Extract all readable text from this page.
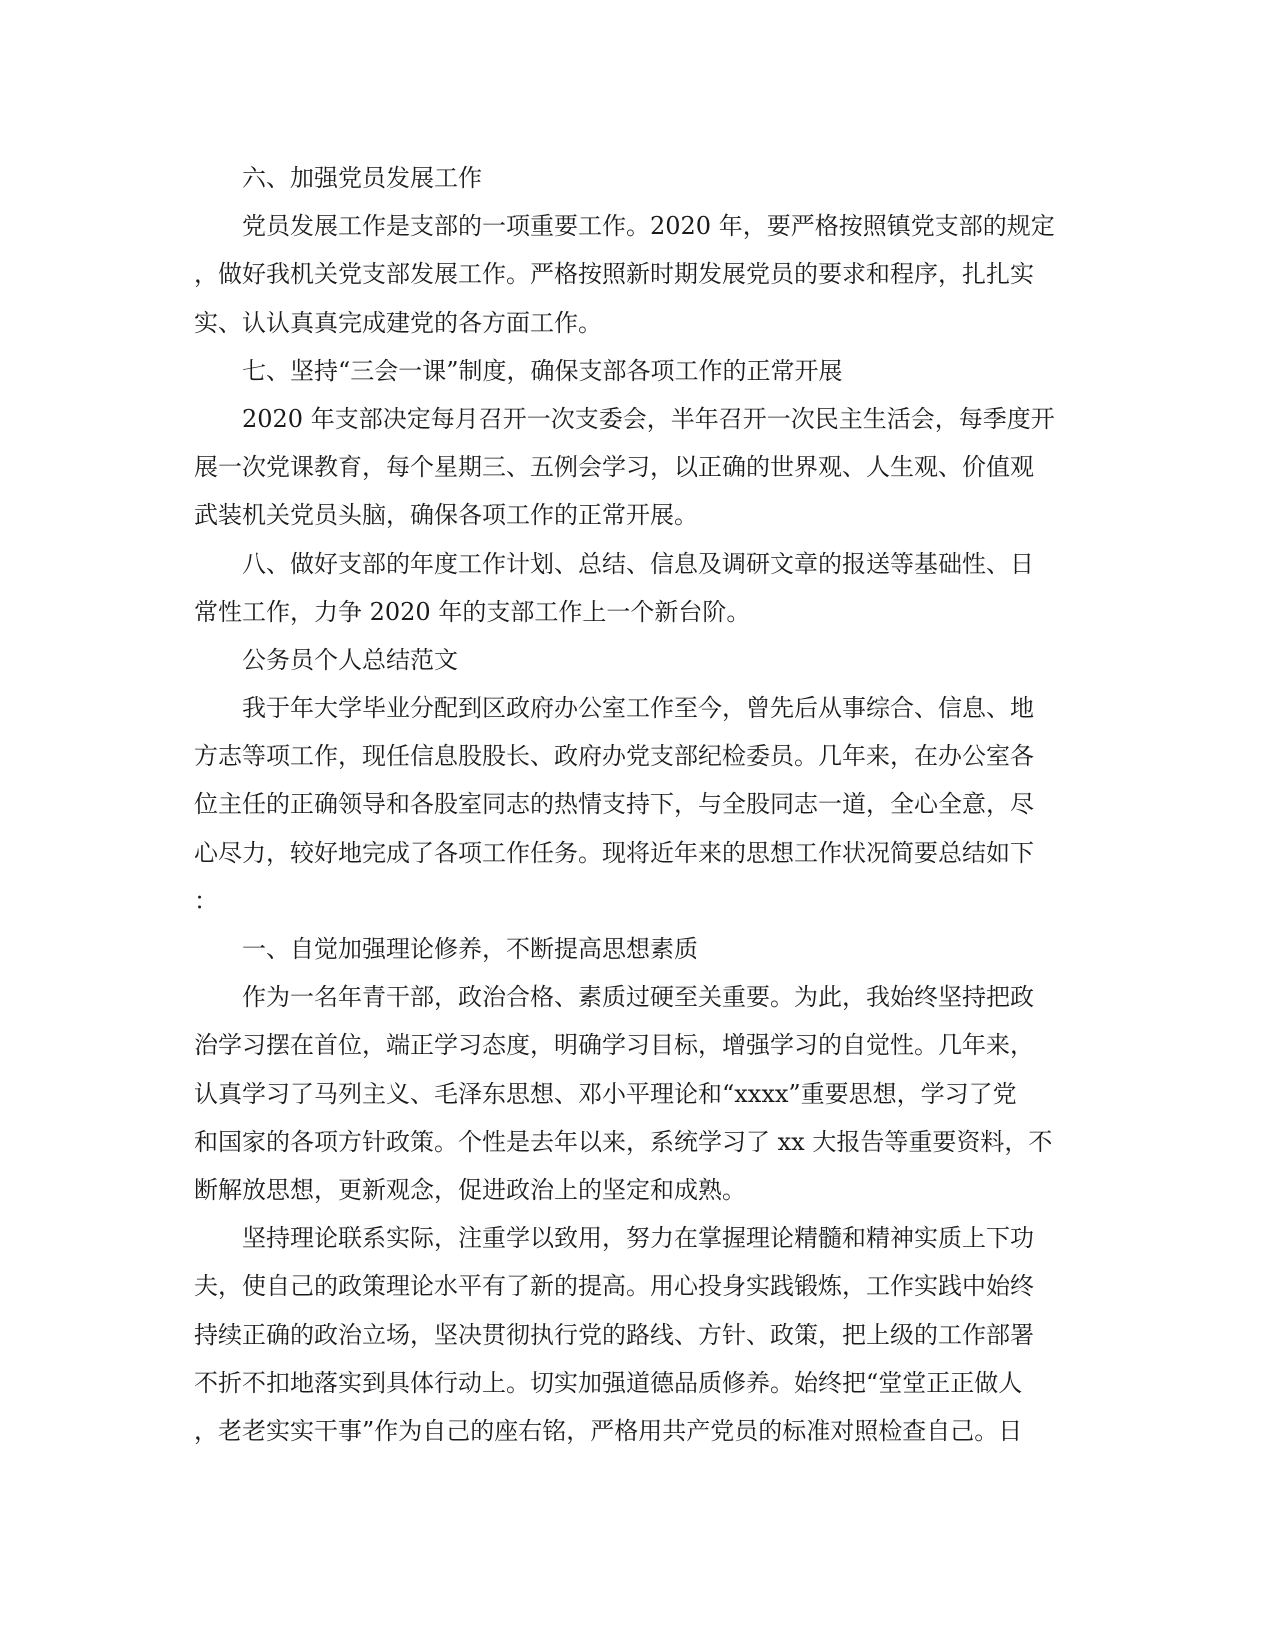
六、加强党员发展工作
党员发展工作是支部的一项重要工作。2020 年，要严格按照镇党支部的规定
，做好我机关党支部发展工作。严格按照新时期发展党员的要求和程序，扎扎实
实、认认真真完成建党的各方面工作。
七、坚持“三会一课”制度，确保支部各项工作的正常开展
2020 年支部决定每月召开一次支委会，半年召开一次民主生活会，每季度开
展一次党课教育，每个星期三、五例会学习，以正确的世界观、人生观、价值观
武装机关党员头脑，确保各项工作的正常开展。
八、做好支部的年度工作计划、总结、信息及调研文章的报送等基础性、日
常性工作，力争 2020 年的支部工作上一个新台阶。
公务员个人总结范文
我于年大学毕业分配到区政府办公室工作至今，曾先后从事综合、信息、地
方志等项工作，现任信息股股长、政府办党支部纪检委员。几年来，在办公室各
位主任的正确领导和各股室同志的热情支持下，与全股同志一道，全心全意，尽
心尽力，较好地完成了各项工作任务。现将近年来的思想工作状况简要总结如下
：
一、自觉加强理论修养，不断提高思想素质
作为一名年青干部，政治合格、素质过硬至关重要。为此，我始终坚持把政
治学习摆在首位，端正学习态度，明确学习目标，增强学习的自觉性。几年来，
认真学习了马列主义、毛泽东思想、邓小平理论和“xxxx”重要思想，学习了党
和国家的各项方针政策。个性是去年以来，系统学习了 xx 大报告等重要资料，不
断解放思想，更新观念，促进政治上的坚定和成熟。
坚持理论联系实际，注重学以致用，努力在掌握理论精髓和精神实质上下功
夫，使自己的政策理论水平有了新的提高。用心投身实践锻炼，工作实践中始终
持续正确的政治立场，坚决贯彻执行党的路线、方针、政策，把上级的工作部署
不折不扣地落实到具体行动上。切实加强道德品质修养。始终把“堂堂正正做人
，老老实实干事”作为自己的座右铭，严格用共产党员的标准对照检查自己。日
